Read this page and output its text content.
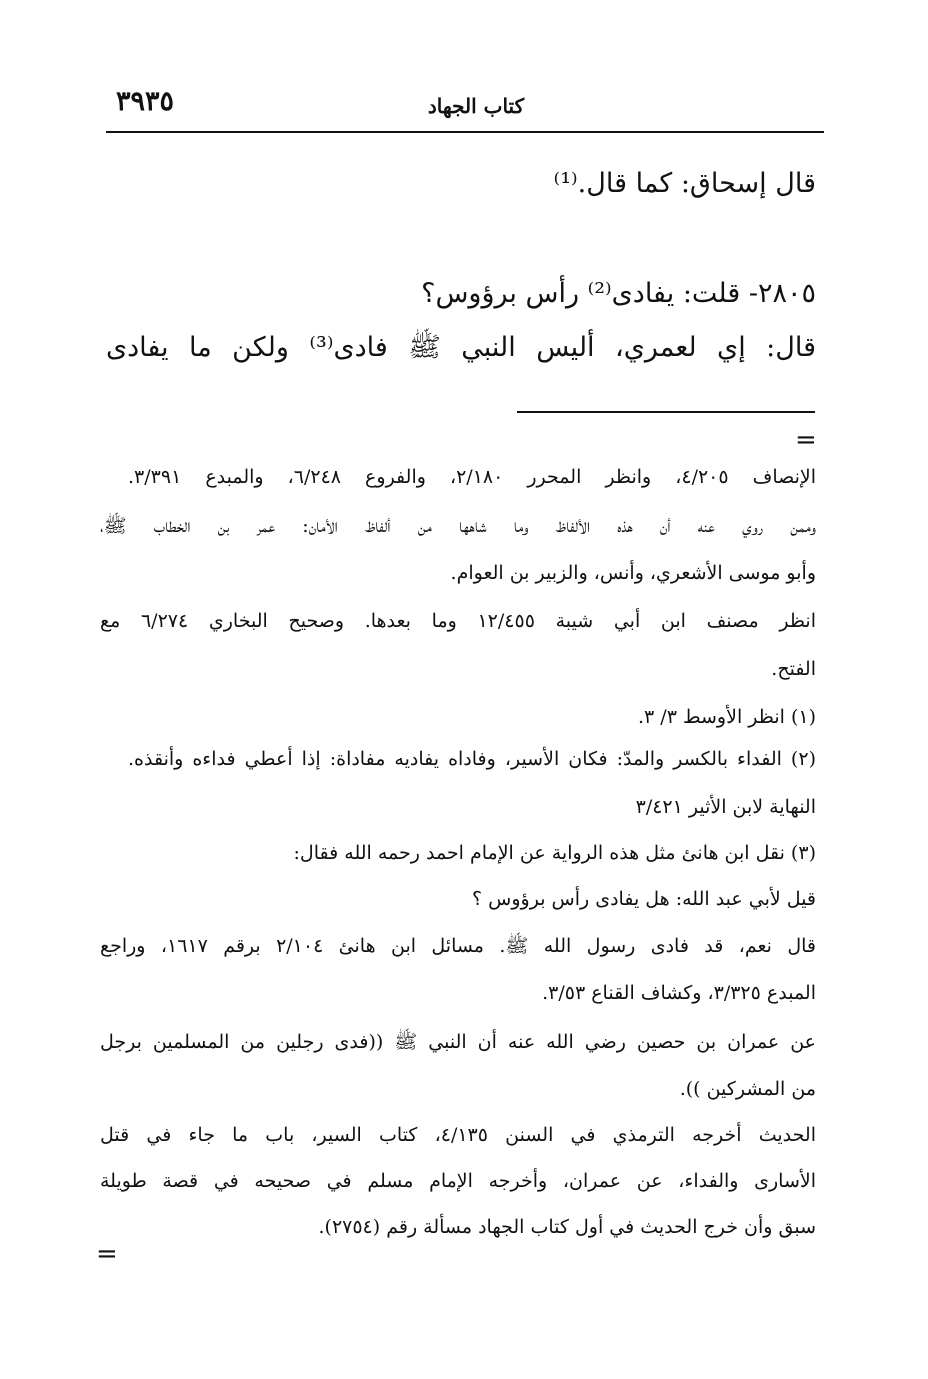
٣٩٣٥	كتاب الجهاد
قال إسحاق: كما قال.⁽¹⁾
٢٨٠٥- قلت: يفادى⁽²⁾ رأس برؤوس؟
قال: إي لعمري، أليس النبي ﷺ فادى⁽³⁾ ولكن ما يفادى
=
الإنصاف ٤/٢٠٥، وانظر المحرر ٢/١٨٠، والفروع ٦/٢٤٨، والمبدع ٣/٣٩١.
وممن روي عنه أن هذه الألفاظ وما شاهها من ألفاظ الأمان: عمر بن الخطاب ﷺ،
وأبو موسى الأشعري، وأنس، والزبير بن العوام.
انظر مصنف ابن أبي شيبة ١٢/٤٥٥ وما بعدها. وصحيح البخاري ٦/٢٧٤ مع
الفتح.
(١) انظر الأوسط ٣/ ٣.
(٢) الفداء بالكسر والمدّ: فكان الأسير، وفاداه يفاديه مفاداة: إذا أعطي فداءه وأنقذه.
النهاية لابن الأثير ٣/٤٢١
(٣) نقل ابن هانئ مثل هذه الرواية عن الإمام احمد رحمه الله فقال:
قيل لأبي عبد الله: هل يفادى رأس برؤوس ؟
قال نعم، قد فادى رسول الله ﷺ. مسائل ابن هانئ ٢/١٠٤ برقم ١٦١٧، وراجع
المبدع ٣/٣٢٥، وكشاف القناع ٣/٥٣.
عن عمران بن حصين رضي الله عنه أن النبي ﷺ ((فدى رجلين من المسلمين برجل
من المشركين )).
الحديث أخرجه الترمذي في السنن ٤/١٣٥، كتاب السير، باب ما جاء في قتل
الأسارى والفداء، عن عمران، وأخرجه الإمام مسلم في صحيحه في قصة طويلة
سبق وأن خرج الحديث في أول كتاب الجهاد مسألة رقم (٢٧٥٤).
=
